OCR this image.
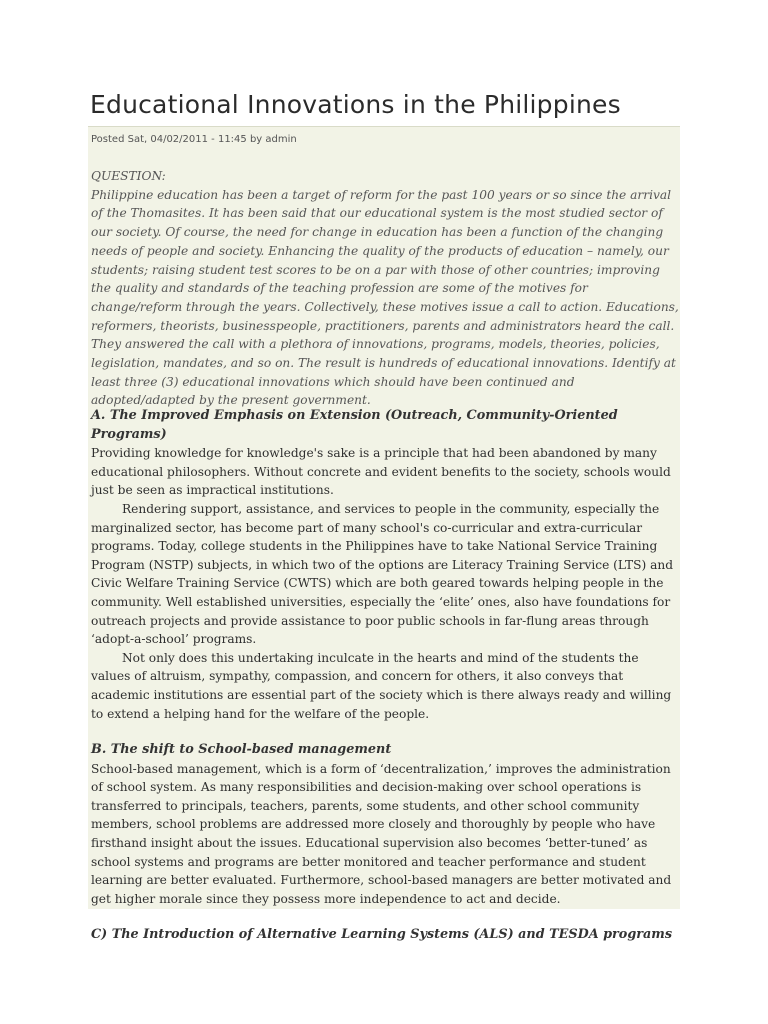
Educational Innovations in the Philippines
Posted Sat, 04/02/2011 - 11:45 by admin

QUESTION:

Philippine education has been a target of reform for the past 100 years or so since the arrival of the Thomasites. It has been said that our educational system is the most studied sector of our society. Of course, the need for change in education has been a function of the changing needs of people and society. Enhancing the quality of the products of education – namely, our students; raising student test scores to be on a par with those of other countries; improving the quality and standards of the teaching profession are some of the motives for change/reform through the years. Collectively, these motives issue a call to action. Educations, reformers, theorists, businesspeople, practitioners, parents and administrators heard the call. They answered the call with a plethora of innovations, programs, models, theories, policies, legislation, mandates, and so on. The result is hundreds of educational innovations. Identify at least three (3) educational innovations which should have been continued and adopted/adapted by the present government.

A. The Improved Emphasis on Extension (Outreach, Community-Oriented Programs)

Providing knowledge for knowledge's sake is a principle that had been abandoned by many educational philosophers. Without concrete and evident benefits to the society, schools would just be seen as impractical institutions.

Rendering support, assistance, and services to people in the community, especially the marginalized sector, has become part of many school's co-curricular and extra-curricular programs. Today, college students in the Philippines have to take National Service Training Program (NSTP) subjects, in which two of the options are Literacy Training Service (LTS) and Civic Welfare Training Service (CWTS) which are both geared towards helping people in the community. Well established universities, especially the ‘elite’ ones, also have foundations for outreach projects and provide assistance to poor public schools in far-flung areas through ‘adopt-a-school’ programs.

Not only does this undertaking inculcate in the hearts and mind of the students the values of altruism, sympathy, compassion, and concern for others, it also conveys that academic institutions are essential part of the society which is there always ready and willing to extend a helping hand for the welfare of the people.

B. The shift to School-based management

School-based management, which is a form of ‘decentralization,’ improves the administration of school system. As many responsibilities and decision-making over school operations is transferred to principals, teachers, parents, some students, and other school community members, school problems are addressed more closely and thoroughly by people who have firsthand insight about the issues. Educational supervision also becomes ‘better-tuned’ as school systems and programs are better monitored and teacher performance and student learning are better evaluated. Furthermore, school-based managers are better motivated and get higher morale since they possess more independence to act and decide.

C) The Introduction of Alternative Learning Systems (ALS) and TESDA programs
